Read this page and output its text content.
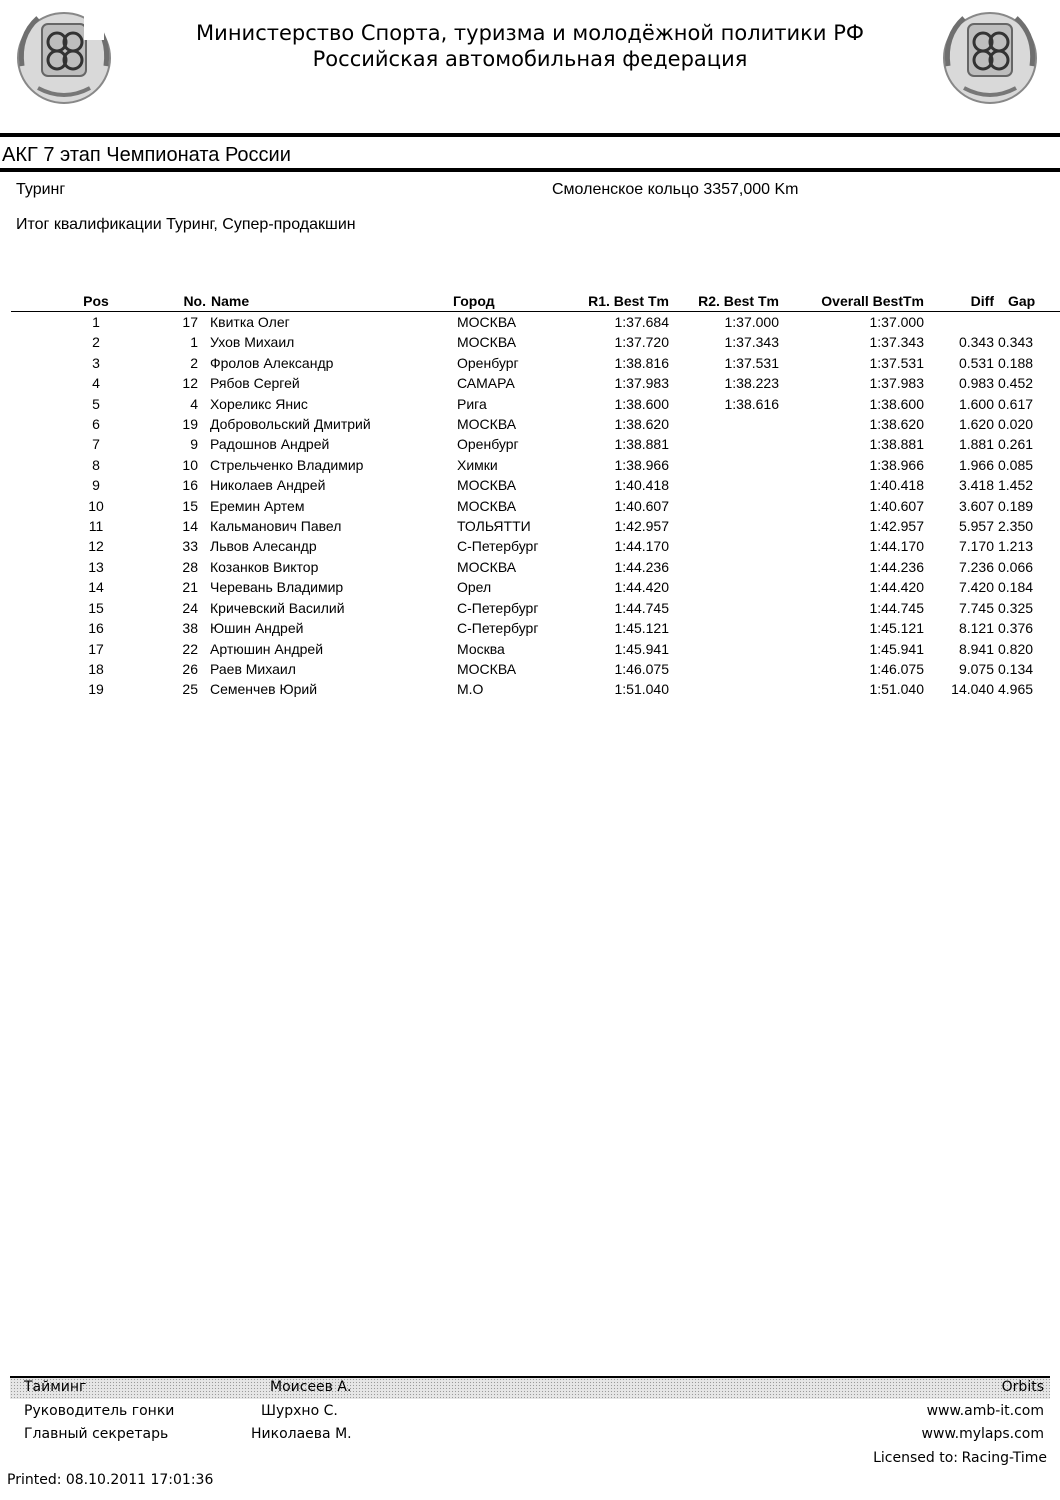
Министерство Спорта, туризма и молодёжной политики РФ
Российская автомобильная федерация
АКГ 7 этап Чемпионата России
Туринг	Смоленское кольцо 3357,000 Km
Итог квалификации Туринг, Супер-продакшин
Pos	No.	Name	Город	R1. Best Tm	R2. Best Tm	Overall BestTm	Diff	Gap
1	17	Квитка Олег	МОСКВА	1:37.684	1:37.000	1:37.000		
2	1	Ухов Михаил	МОСКВА	1:37.720	1:37.343	1:37.343	0.343	0.343
3	2	Фролов Александр	Оренбург	1:38.816	1:37.531	1:37.531	0.531	0.188
4	12	Рябов Сергей	САМАРА	1:37.983	1:38.223	1:37.983	0.983	0.452
5	4	Хореликс Янис	Рига	1:38.600	1:38.616	1:38.600	1.600	0.617
6	19	Добровольский Дмитрий	МОСКВА	1:38.620		1:38.620	1.620	0.020
7	9	Радошнов Андрей	Оренбург	1:38.881		1:38.881	1.881	0.261
8	10	Стрельченко Владимир	Химки	1:38.966		1:38.966	1.966	0.085
9	16	Николаев Андрей	МОСКВА	1:40.418		1:40.418	3.418	1.452
10	15	Еремин Артем	МОСКВА	1:40.607		1:40.607	3.607	0.189
11	14	Кальманович Павел	ТОЛЬЯТТИ	1:42.957		1:42.957	5.957	2.350
12	33	Львов Алесандр	С-Петербург	1:44.170		1:44.170	7.170	1.213
13	28	Козанков Виктор	МОСКВА	1:44.236		1:44.236	7.236	0.066
14	21	Черевань Владимир	Орел	1:44.420		1:44.420	7.420	0.184
15	24	Кричевский Василий	С-Петербург	1:44.745		1:44.745	7.745	0.325
16	38	Юшин Андрей	С-Петербург	1:45.121		1:45.121	8.121	0.376
17	22	Артюшин Андрей	Москва	1:45.941		1:45.941	8.941	0.820
18	26	Раев Михаил	МОСКВА	1:46.075		1:46.075	9.075	0.134
19	25	Семенчев Юрий	М.О	1:51.040		1:51.040	14.040	4.965
Тайминг	Моисеев А.	Orbits
Руководитель гонки	Шурхно С.	www.amb-it.com
Главный секретарь	Николаева М.	www.mylaps.com
Licensed to: Racing-Time
Printed: 08.10.2011 17:01:36
